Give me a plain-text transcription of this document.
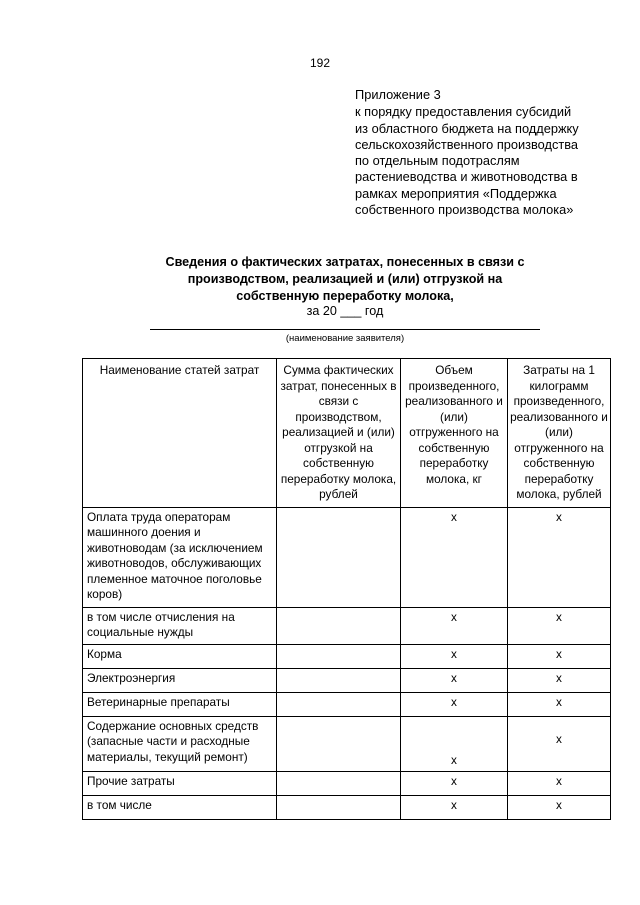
192
Приложение 3
к порядку предоставления субсидий
из областного бюджета на поддержку
сельскохозяйственного производства
по отдельным подотраслям
растениеводства и животноводства в
рамках мероприятия «Поддержка
собственного производства молока»
Сведения о фактических затратах, понесенных в связи с
производством, реализацией и (или) отгрузкой на
собственную переработку молока,
за 20 ___ год
(наименование заявителя)
Наименование статей затрат	Сумма фактических затрат, понесенных в связи с производством, реализацией и (или) отгрузкой на собственную переработку молока, рублей	Объем произведенного, реализованного и (или) отгруженного на собственную переработку молока, кг	Затраты на 1 килограмм произведенного, реализованного и (или) отгруженного на собственную переработку молока, рублей
Оплата труда операторам машинного доения и животноводам (за исключением животноводов, обслуживающих племенное маточное поголовье коров)		х	х
в том числе отчисления на социальные нужды		х	х
Корма		х	х
Электроэнергия		х	х
Ветеринарные препараты		х	х
Содержание основных средств (запасные части и расходные материалы, текущий ремонт)		х	х
Прочие затраты		х	х
в том числе		х	х
